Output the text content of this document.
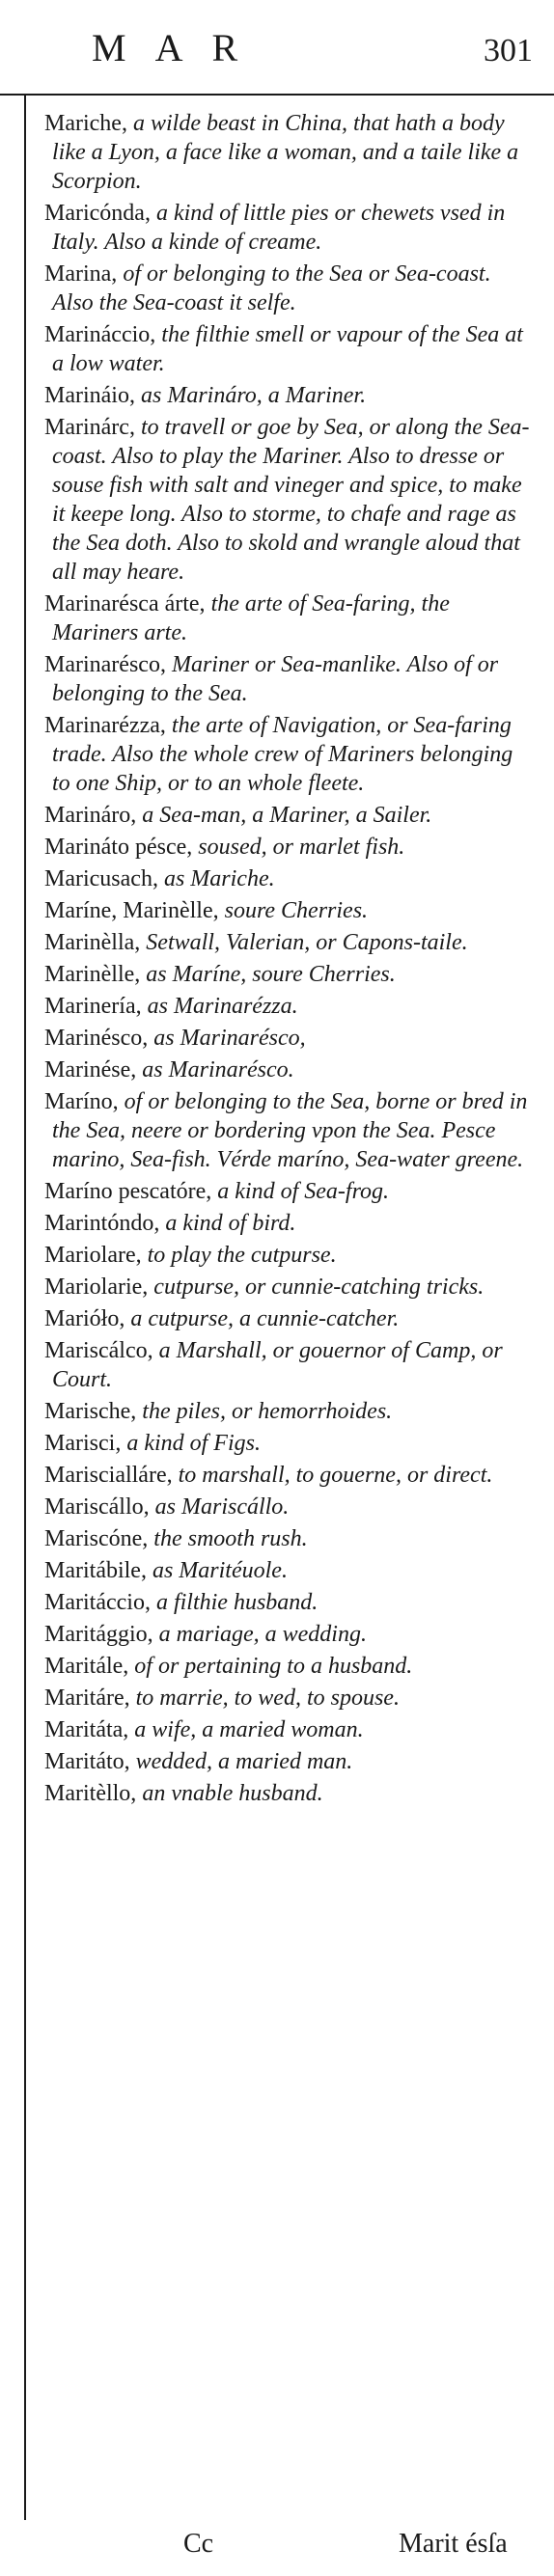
MAR	301

Mariche, a wilde beast in China, that hath a body like a Lyon, a face like a woman, and a taile like a Scorpion.

Maricónda, a kind of little pies or chewets vsed in Italy. Also a kinde of creame.

Marina, of or belonging to the Sea or Sea-coast. Also the Sea-coast it selfe.

Marináccio, the filthie smell or vapour of the Sea at a low water.

Marináio, as Marináro, a Mariner.

Marinárc, to travell or goe by Sea, or along the Sea-coast. Also to play the Mariner. Also to dresse or souse fish with salt and vineger and spice, to make it keepe long. Also to storme, to chafe and rage as the Sea doth. Also to skold and wrangle aloud that all may heare.

Marinarésca árte, the arte of Sea-faring, the Mariners arte.

Marinarésco, Mariner or Sea-manlike. Also of or belonging to the Sea.

Marinarézza, the arte of Navigation, or Sea-faring trade. Also the whole crew of Mariners belonging to one Ship, or to an whole fleete.

Marináro, a Sea-man, a Mariner, a Sailer.

Marináto pésce, soused, or marlet fish.

Maricusach, as Mariche.

Maríne, Marinèlle, soure Cherries.

Marinèlla, Setwall, Valerian, or Capons-taile.

Marinèlle, as Maríne, soure Cherries.

Marinería, as Marinarézza.

Marinésco, as Marinarésco,

Marinése, as Marinarésco.

Maríno, of or belonging to the Sea, borne or bred in the Sea, neere or bordering vpon the Sea. Pesce marino, Sea-fish. Vérde maríno, Sea-water greene.

Maríno pescatóre, a kind of Sea-frog.

Marintóndo, a kind of bird.

Mariolare, to play the cutpurse.

Mariolarie, cutpurse, or cunnie-catching tricks.

Marióło, a cutpurse, a cunnie-catcher.

Mariscálco, a Marshall, or gouernor of Camp, or Court.

Marische, the piles, or hemorrhoides.

Marisci, a kind of Figs.

Mariscialláre, to marshall, to gouerne, or direct.

Mariscállo, as Mariscállo.

Mariscóne, the smooth rush.

Maritábile, as Maritéuole.

Maritáccio, a filthie husband.

Maritággio, a mariage, a wedding.

Maritále, of or pertaining to a husband.

Maritáre, to marrie, to wed, to spouse.

Maritáta, a wife, a maried woman.

Maritáto, wedded, a maried man.

Maritèllo, an vnable husband.

Cc	Marit ésſa
